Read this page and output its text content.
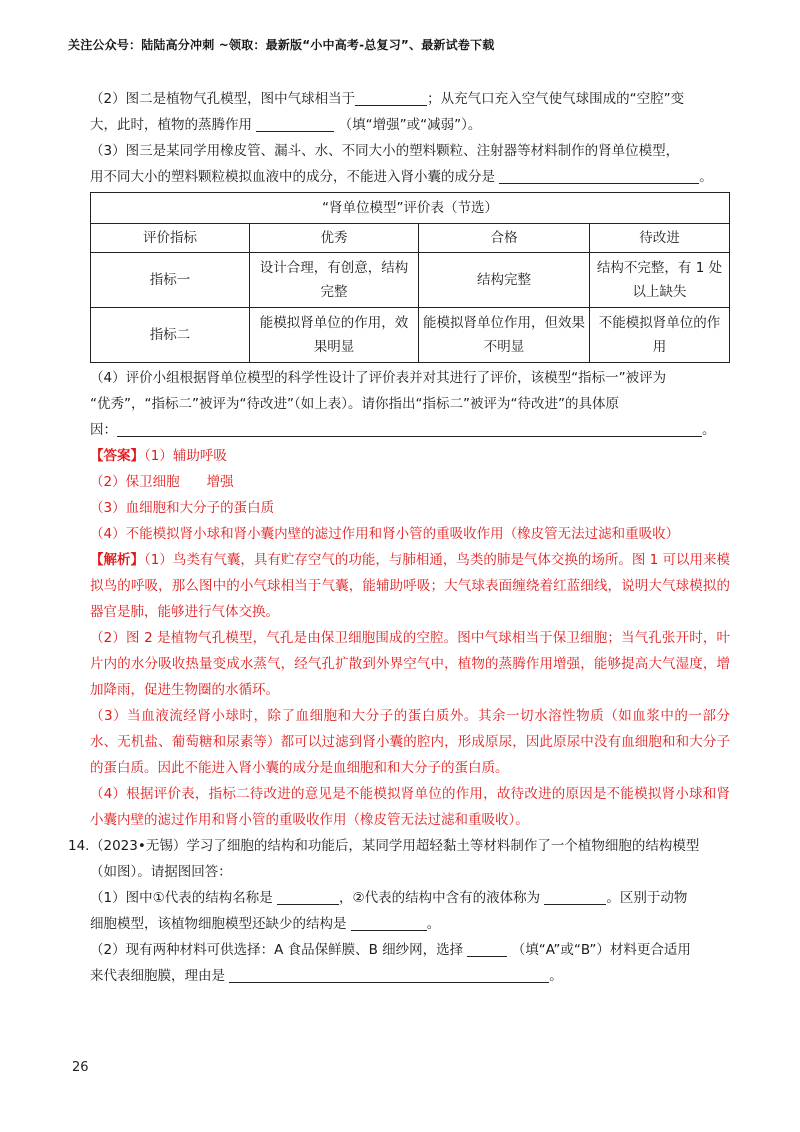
关注公众号：陆陆高分冲刺 ~领取：最新版“小中高考-总复习”、最新试卷下载

（2）图二是植物气孔模型，图中气球相当于	；从充气口充入空气使气球围成的“空腔”变
大，此时，植物的蒸腾作用	（填“增强”或“减弱”）。

（3）图三是某同学用橡皮管、漏斗、水、不同大小的塑料颗粒、注射器等材料制作的肾单位模型，
用不同大小的塑料颗粒模拟血液中的成分，不能进入肾小囊的成分是	。

“肾单位模型”评价表（节选）			
评价指标	优秀	合格	待改进
指标一	设计合理，有创意，结构完整	结构完整	结构不完整，有 1 处以上缺失
指标二	能模拟肾单位的作用，效果明显	能模拟肾单位作用，但效果不明显	不能模拟肾单位的作用

（4）评价小组根据肾单位模型的科学性设计了评价表并对其进行了评价，该模型“指标一”被评为
“优秀”，“指标二”被评为“待改进”（如上表）。请你指出“指标二”被评为“待改进”的具体原
因：	。

【答案】（1）辅助呼吸

（2）保卫细胞　　增强

（3）血细胞和大分子的蛋白质

（4）不能模拟肾小球和肾小囊内壁的滤过作用和肾小管的重吸收作用（橡皮管无法过滤和重吸收）

【解析】（1）鸟类有气囊，具有贮存空气的功能，与肺相通，鸟类的肺是气体交换的场所。图 1 可以用来模拟鸟的呼吸，那么图中的小气球相当于气囊，能辅助呼吸；大气球表面缠绕着红蓝细线，说明大气球模拟的器官是肺，能够进行气体交换。

（2）图 2 是植物气孔模型，气孔是由保卫细胞围成的空腔。图中气球相当于保卫细胞；当气孔张开时，叶片内的水分吸收热量变成水蒸气，经气孔扩散到外界空气中，植物的蒸腾作用增强，能够提高大气湿度，增加降雨，促进生物圈的水循环。

（3）当血液流经肾小球时，除了血细胞和大分子的蛋白质外。其余一切水溶性物质（如血浆中的一部分水、无机盐、葡萄糖和尿素等）都可以过滤到肾小囊的腔内，形成原尿，因此原尿中没有血细胞和和大分子的蛋白质。因此不能进入肾小囊的成分是血细胞和和大分子的蛋白质。

（4）根据评价表，指标二待改进的意见是不能模拟肾单位的作用，故待改进的原因是不能模拟肾小球和肾小囊内壁的滤过作用和肾小管的重吸收作用（橡皮管无法过滤和重吸收）。

14. （2023•无锡）学习了细胞的结构和功能后，某同学用超轻黏土等材料制作了一个植物细胞的结构模型
（如图）。请据图回答：

（1）图中①代表的结构名称是	，②代表的结构中含有的液体称为	。区别于动物
细胞模型，该植物细胞模型还缺少的结构是	。

（2）现有两种材料可供选择：A 食品保鲜膜、B 细纱网，选择	（填“A”或“B”）材料更合适用
来代表细胞膜，理由是	。

26
